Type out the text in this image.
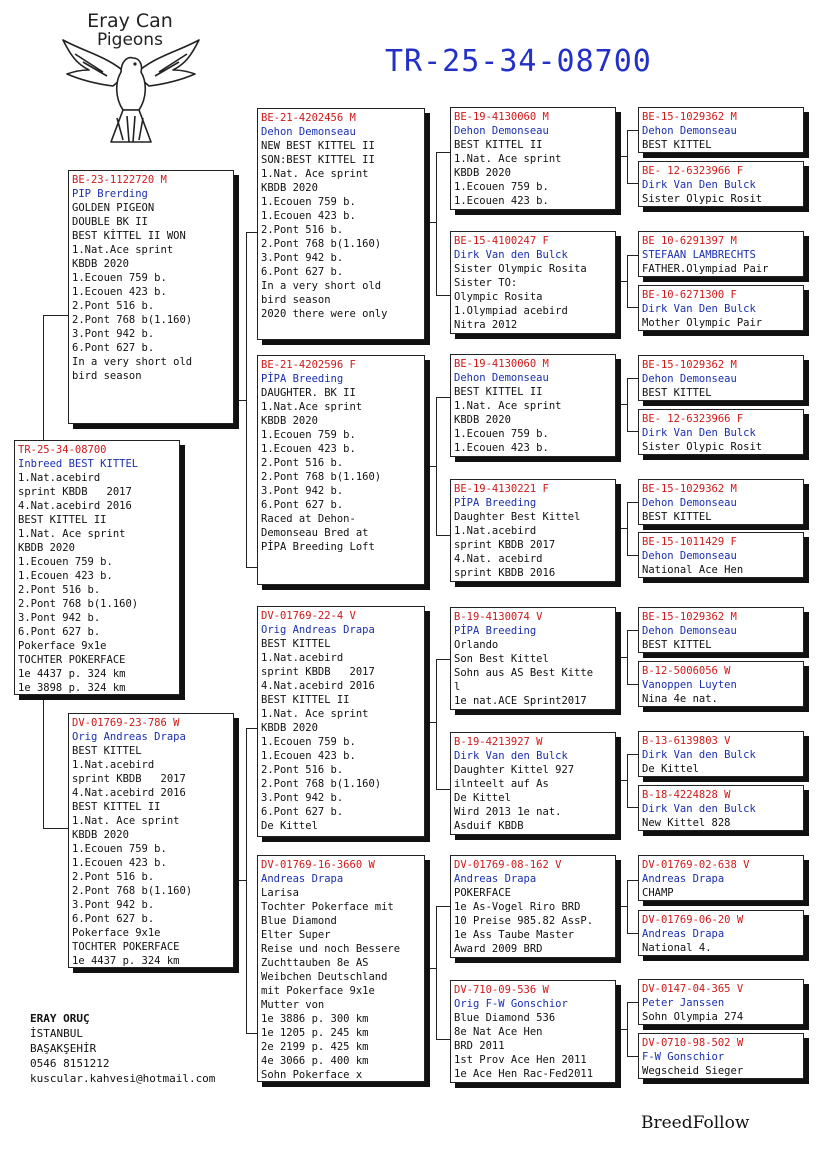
Eray Can
Pigeons
TR-25-34-08700
TR-25-34-08700
Inbreed BEST KITTEL
1.Nat.acebird
sprint KBDB   2017
4.Nat.acebird 2016
BEST KITTEL II
1.Nat. Ace sprint
KBDB 2020
1.Ecouen 759 b.
1.Ecouen 423 b.
2.Pont 516 b.
2.Pont 768 b(1.160)
3.Pont 942 b.
6.Pont 627 b.
Pokerface 9x1e
TOCHTER POKERFACE
1e 4437 p. 324 km
1e 3898 p. 324 km
BE-23-1122720 M
PIP Brerding
GOLDEN PIGEON
DOUBLE BK II
BEST KİTTEL II WON
1.Nat.Ace sprint
KBDB 2020
1.Ecouen 759 b.
1.Ecouen 423 b.
2.Pont 516 b.
2.Pont 768 b(1.160)
3.Pont 942 b.
6.Pont 627 b.
In a very short old
bird season
DV-01769-23-786 W
Orig Andreas Drapa
BEST KITTEL
1.Nat.acebird
sprint KBDB   2017
4.Nat.acebird 2016
BEST KITTEL II
1.Nat. Ace sprint
KBDB 2020
1.Ecouen 759 b.
1.Ecouen 423 b.
2.Pont 516 b.
2.Pont 768 b(1.160)
3.Pont 942 b.
6.Pont 627 b.
Pokerface 9x1e
TOCHTER POKERFACE
1e 4437 p. 324 km
BE-21-4202456 M
Dehon Demonseau
NEW BEST KITTEL II
SON:BEST KITTEL II
1.Nat. Ace sprint
KBDB 2020
1.Ecouen 759 b.
1.Ecouen 423 b.
2.Pont 516 b.
2.Pont 768 b(1.160)
3.Pont 942 b.
6.Pont 627 b.
In a very short old
bird season
2020 there were only
BE-21-4202596 F
PİPA Breeding
DAUGHTER. BK II
1.Nat.Ace sprint
KBDB 2020
1.Ecouen 759 b.
1.Ecouen 423 b.
2.Pont 516 b.
2.Pont 768 b(1.160)
3.Pont 942 b.
6.Pont 627 b.
Raced at Dehon-
Demonseau Bred at
PİPA Breeding Loft
DV-01769-22-4 V
Orig Andreas Drapa
BEST KITTEL
1.Nat.acebird
sprint KBDB   2017
4.Nat.acebird 2016
BEST KITTEL II
1.Nat. Ace sprint
KBDB 2020
1.Ecouen 759 b.
1.Ecouen 423 b.
2.Pont 516 b.
2.Pont 768 b(1.160)
3.Pont 942 b.
6.Pont 627 b.
De Kittel
DV-01769-16-3660 W
Andreas Drapa
Larisa
Tochter Pokerface mit
Blue Diamond
Elter Super
Reise und noch Bessere
Zuchttauben 8e AS
Weibchen Deutschland
mit Pokerface 9x1e
Mutter von
1e 3886 p. 300 km
1e 1205 p. 245 km
2e 2199 p. 425 km
4e 3066 p. 400 km
Sohn Pokerface x
BE-19-4130060 M
Dehon Demonseau
BEST KITTEL II
1.Nat. Ace sprint
KBDB 2020
1.Ecouen 759 b.
1.Ecouen 423 b.
BE-15-4100247 F
Dirk Van den Bulck
Sister Olympic Rosita
Sister TO:
Olympic Rosita
1.Olympiad acebird
Nitra 2012
BE-19-4130060 M
Dehon Demonseau
BEST KITTEL II
1.Nat. Ace sprint
KBDB 2020
1.Ecouen 759 b.
1.Ecouen 423 b.
BE-19-4130221 F
PİPA Breeding
Daughter Best Kittel
1.Nat.acebird
sprint KBDB 2017
4.Nat. acebird
sprint KBDB 2016
B-19-4130074 V
PİPA Breeding
Orlando
Son Best Kittel
Sohn aus AS Best Kitte
l
1e nat.ACE Sprint2017
B-19-4213927 W
Dirk Van den Bulck
Daughter Kittel 927
ilnteelt auf As
De Kittel
Wird 2013 1e nat.
Asduif KBDB
DV-01769-08-162 V
Andreas Drapa
POKERFACE
1e As-Vogel Riro BRD
10 Preise 985.82 AssP.
1e Ass Taube Master
Award 2009 BRD
DV-710-09-536 W
Orig F-W Gonschior
Blue Diamond 536
8e Nat Ace Hen
BRD 2011
1st Prov Ace Hen 2011
1e Ace Hen Rac-Fed2011
BE-15-1029362 M
Dehon Demonseau
BEST KITTEL
BE- 12-6323966 F
Dirk Van Den Bulck
Sister Olypic Rosit
BE 10-6291397 M
STEFAAN LAMBRECHTS
FATHER.Olympiad Pair
BE-10-6271300 F
Dirk Van Den Bulck
Mother Olympic Pair
BE-15-1029362 M
Dehon Demonseau
BEST KITTEL
BE- 12-6323966 F
Dirk Van Den Bulck
Sister Olypic Rosit
BE-15-1029362 M
Dehon Demonseau
BEST KITTEL
BE-15-1011429 F
Dehon Demonseau
National Ace Hen
BE-15-1029362 M
Dehon Demonseau
BEST KITTEL
B-12-5006056 W
Vanoppen Luyten
Nina 4e nat.
B-13-6139803 V
Dirk Van den Bulck
De Kittel
B-18-4224828 W
Dirk Van den Bulck
New Kittel 828
DV-01769-02-638 V
Andreas Drapa
CHAMP
DV-01769-06-20 W
Andreas Drapa
National 4.
DV-0147-04-365 V
Peter Janssen
Sohn Olympia 274
DV-0710-98-502 W
F-W Gonschior
Wegscheid Sieger
ERAY ORUÇ
İSTANBUL
BAŞAKŞEHİR
0546 8151212
kuscular.kahvesi@hotmail.com
BreedFollow
